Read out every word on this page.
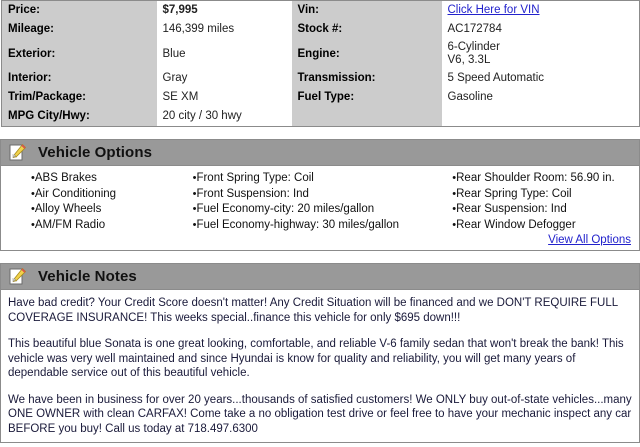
Price:	$7,995		Vin:	Click Here for VIN
Mileage:	146,399 miles		Stock #:	AC172784
Exterior:	Blue		Engine:	6-Cylinder
V6, 3.3L

Interior:	Gray		Transmission:	5 Speed Automatic
Trim/Package:	SE XM		Fuel Type:	Gasoline
MPG City/Hwy:	20 city / 30 hwy			
Vehicle Options
•ABS Brakes
•Air Conditioning
•Alloy Wheels
•AM/FM Radio
•Front Spring Type: Coil
•Front Suspension: Ind
•Fuel Economy-city: 20 miles/gallon
•Fuel Economy-highway: 30 miles/gallon
•Rear Shoulder Room: 56.90 in.
•Rear Spring Type: Coil
•Rear Suspension: Ind
•Rear Window Defogger
View All Options
Vehicle Notes

Have bad credit? Your Credit Score doesn't matter! Any Credit Situation will be financed and we DON'T REQUIRE FULL COVERAGE INSURANCE! This weeks special..finance this vehicle for only $695 down!!!

This beautiful blue Sonata is one great looking, comfortable, and reliable V-6 family sedan that won't break the bank! This vehicle was very well maintained and since Hyundai is know for quality and reliability, you will get many years of dependable service out of this beautiful vehicle.

We have been in business for over 20 years...thousands of satisfied customers! We ONLY buy out-of-state vehicles...many ONE OWNER with clean CARFAX! Come take a no obligation test drive or feel free to have your mechanic inspect any car BEFORE you buy! Call us today at 718.497.6300
